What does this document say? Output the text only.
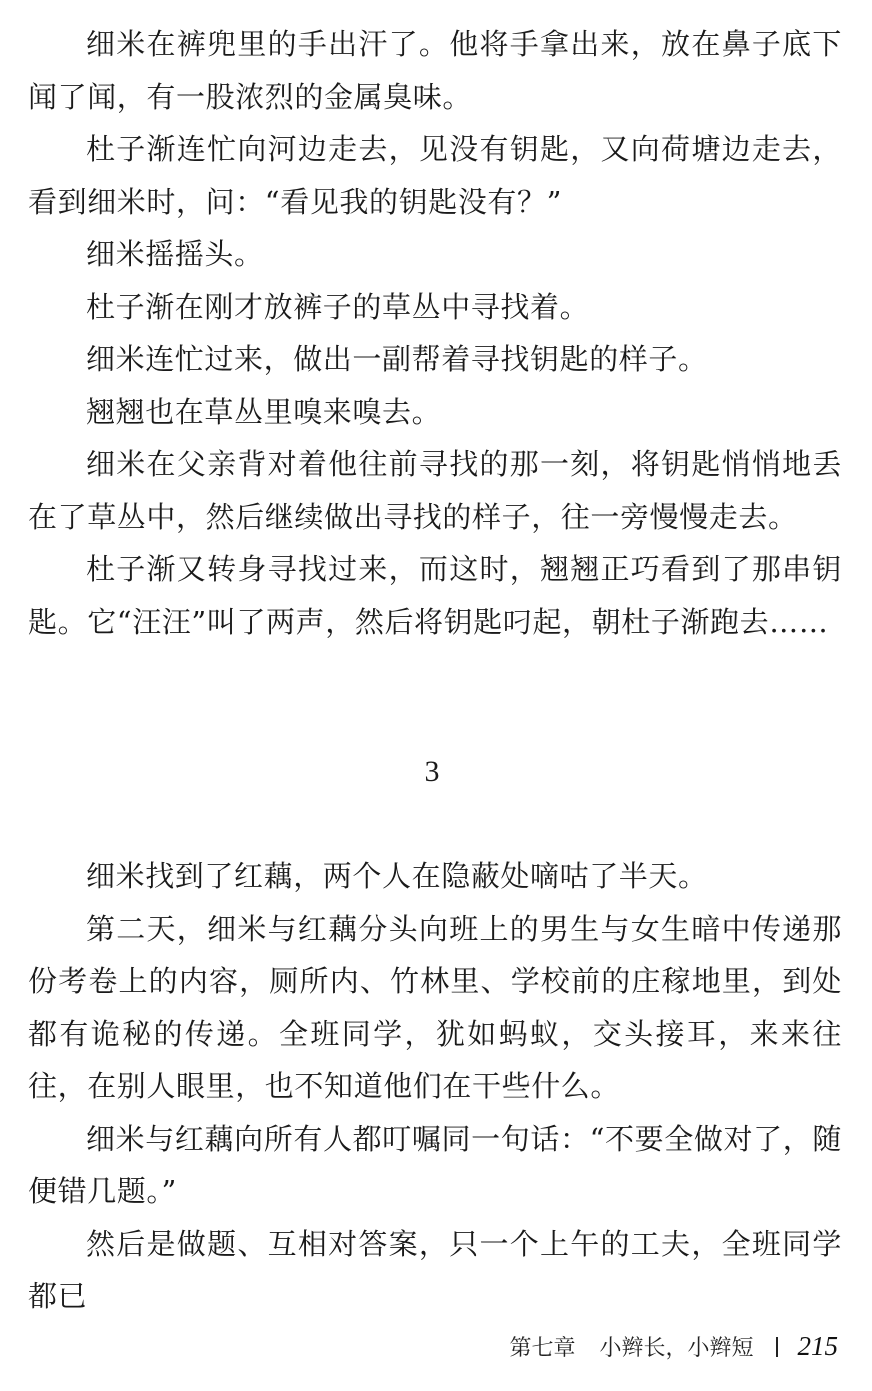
细米在裤兜里的手出汗了。他将手拿出来，放在鼻子底下闻了闻，有一股浓烈的金属臭味。

杜子渐连忙向河边走去，见没有钥匙，又向荷塘边走去，看到细米时，问：“看见我的钥匙没有？”

细米摇摇头。

杜子渐在刚才放裤子的草丛中寻找着。

细米连忙过来，做出一副帮着寻找钥匙的样子。

翘翘也在草丛里嗅来嗅去。

细米在父亲背对着他往前寻找的那一刻，将钥匙悄悄地丢在了草丛中，然后继续做出寻找的样子，往一旁慢慢走去。

杜子渐又转身寻找过来，而这时，翘翘正巧看到了那串钥匙。它“汪汪”叫了两声，然后将钥匙叼起，朝杜子渐跑去……

3

细米找到了红藕，两个人在隐蔽处嘀咕了半天。

第二天，细米与红藕分头向班上的男生与女生暗中传递那份考卷上的内容，厕所内、竹林里、学校前的庄稼地里，到处都有诡秘的传递。全班同学，犹如蚂蚁，交头接耳，来来往往，在别人眼里，也不知道他们在干些什么。

细米与红藕向所有人都叮嘱同一句话：“不要全做对了，随便错几题。”

然后是做题、互相对答案，只一个上午的工夫，全班同学都已

第七章 小辫长，小辫短 215
